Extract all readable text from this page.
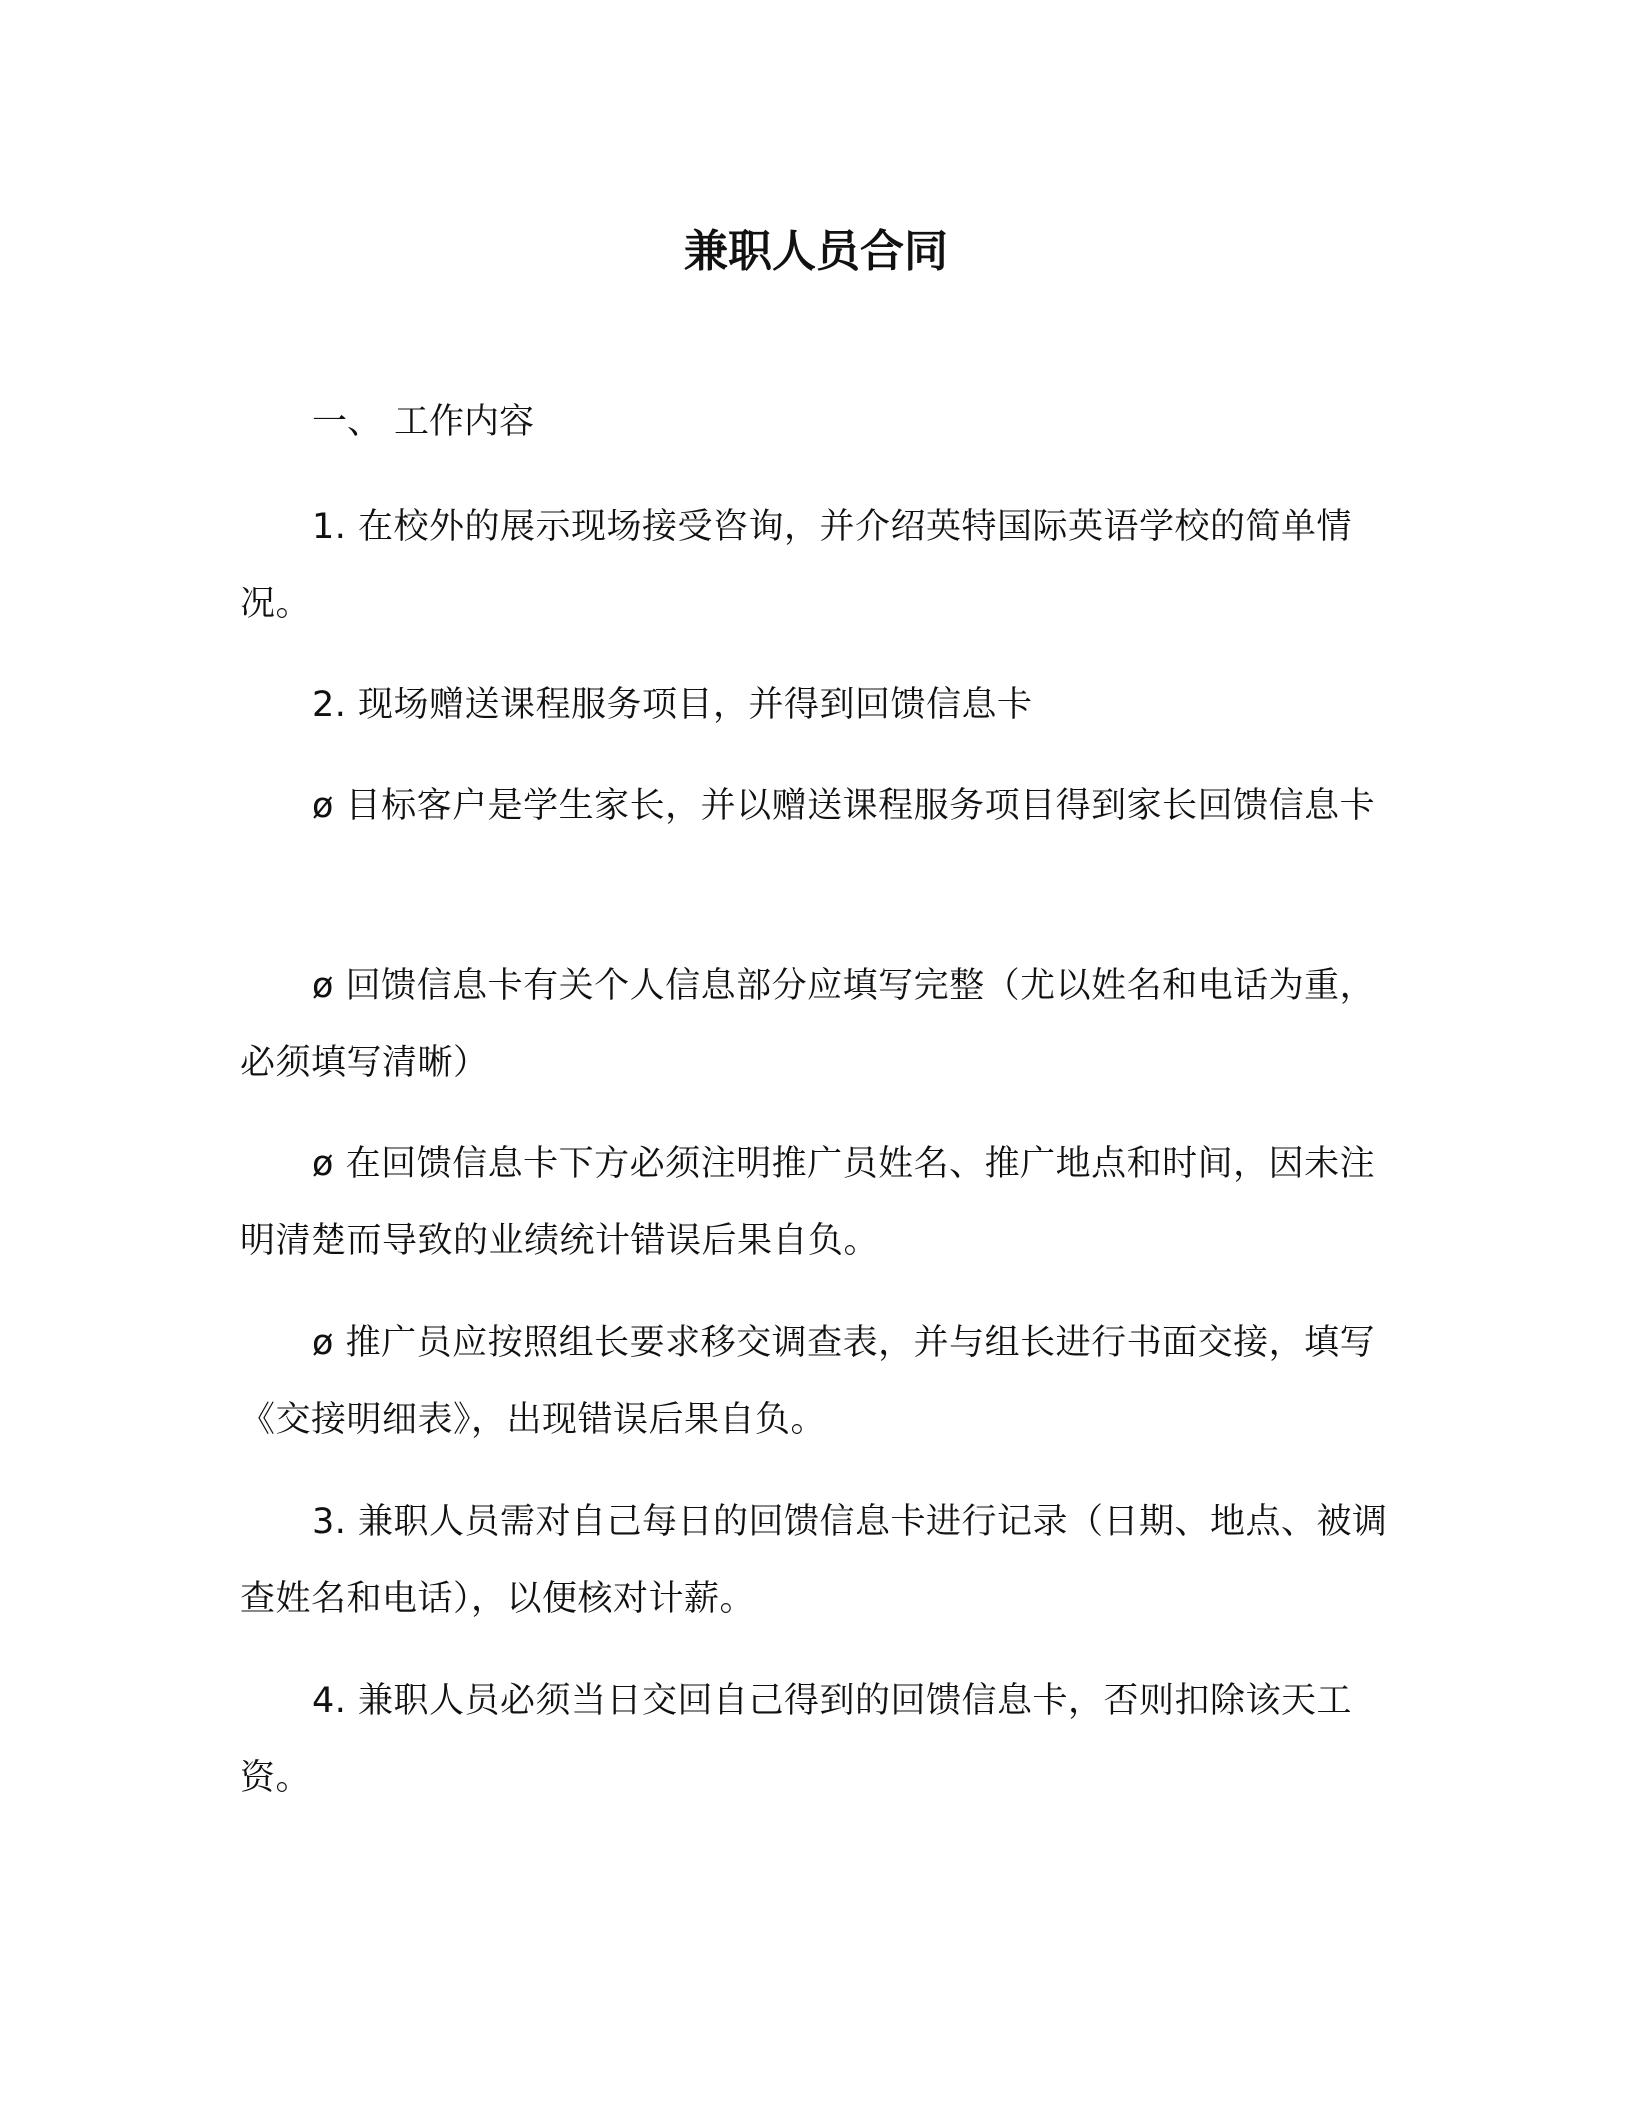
兼职人员合同
一、 工作内容
1. 在校外的展示现场接受咨询，并介绍英特国际英语学校的简单情况。
2. 现场赠送课程服务项目，并得到回馈信息卡
ø 目标客户是学生家长，并以赠送课程服务项目得到家长回馈信息卡
ø 回馈信息卡有关个人信息部分应填写完整（尤以姓名和电话为重，必须填写清晰）
ø 在回馈信息卡下方必须注明推广员姓名、推广地点和时间，因未注明清楚而导致的业绩统计错误后果自负。
ø 推广员应按照组长要求移交调查表，并与组长进行书面交接，填写《交接明细表》，出现错误后果自负。
3. 兼职人员需对自己每日的回馈信息卡进行记录（日期、地点、被调查姓名和电话），以便核对计薪。
4. 兼职人员必须当日交回自己得到的回馈信息卡，否则扣除该天工资。
